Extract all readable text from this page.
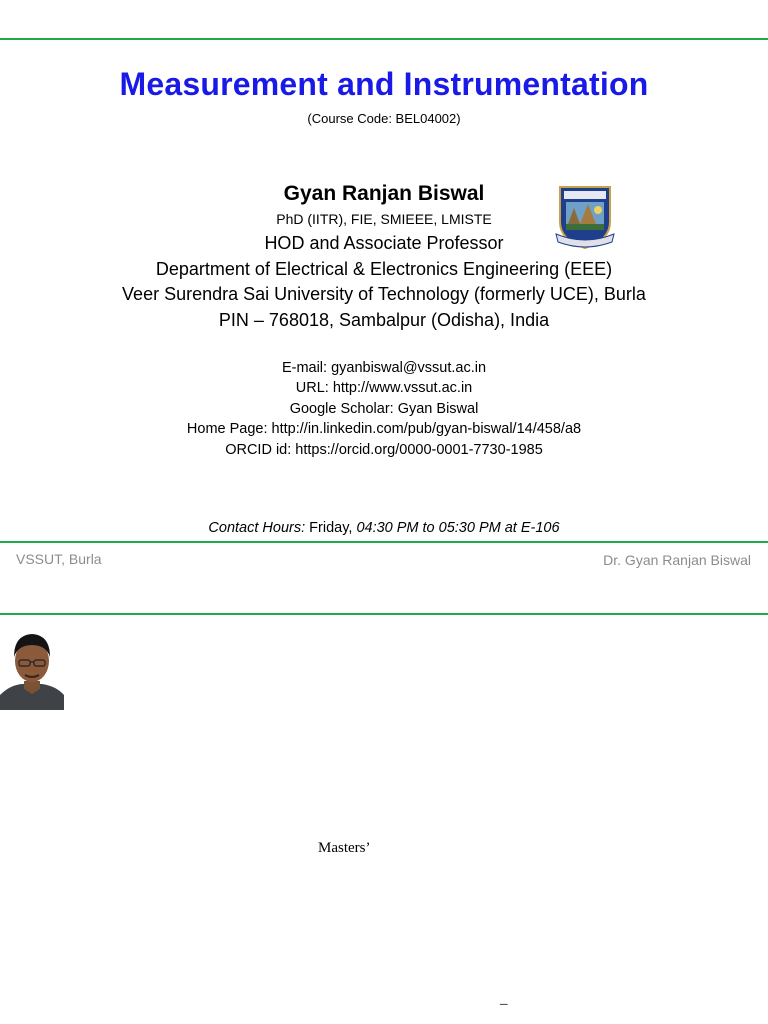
Measurement and Instrumentation
(Course Code: BEL04002)
Gyan Ranjan Biswal
PhD (IITR), FIE, SMIEEE, LMISTE
HOD and Associate Professor
Department of Electrical & Electronics Engineering (EEE)
Veer Surendra Sai University of Technology (formerly UCE), Burla
PIN – 768018, Sambalpur (Odisha), India
E-mail: gyanbiswal@vssut.ac.in
URL: http://www.vssut.ac.in
Google Scholar: Gyan Biswal
Home Page: http://in.linkedin.com/pub/gyan-biswal/14/458/a8
ORCID id: https://orcid.org/0000-0001-7730-1985
Contact Hours: Friday, 04:30 PM to 05:30 PM at E-106
VSSUT, Burla	Dr. Gyan Ranjan Biswal
Masters’
–
